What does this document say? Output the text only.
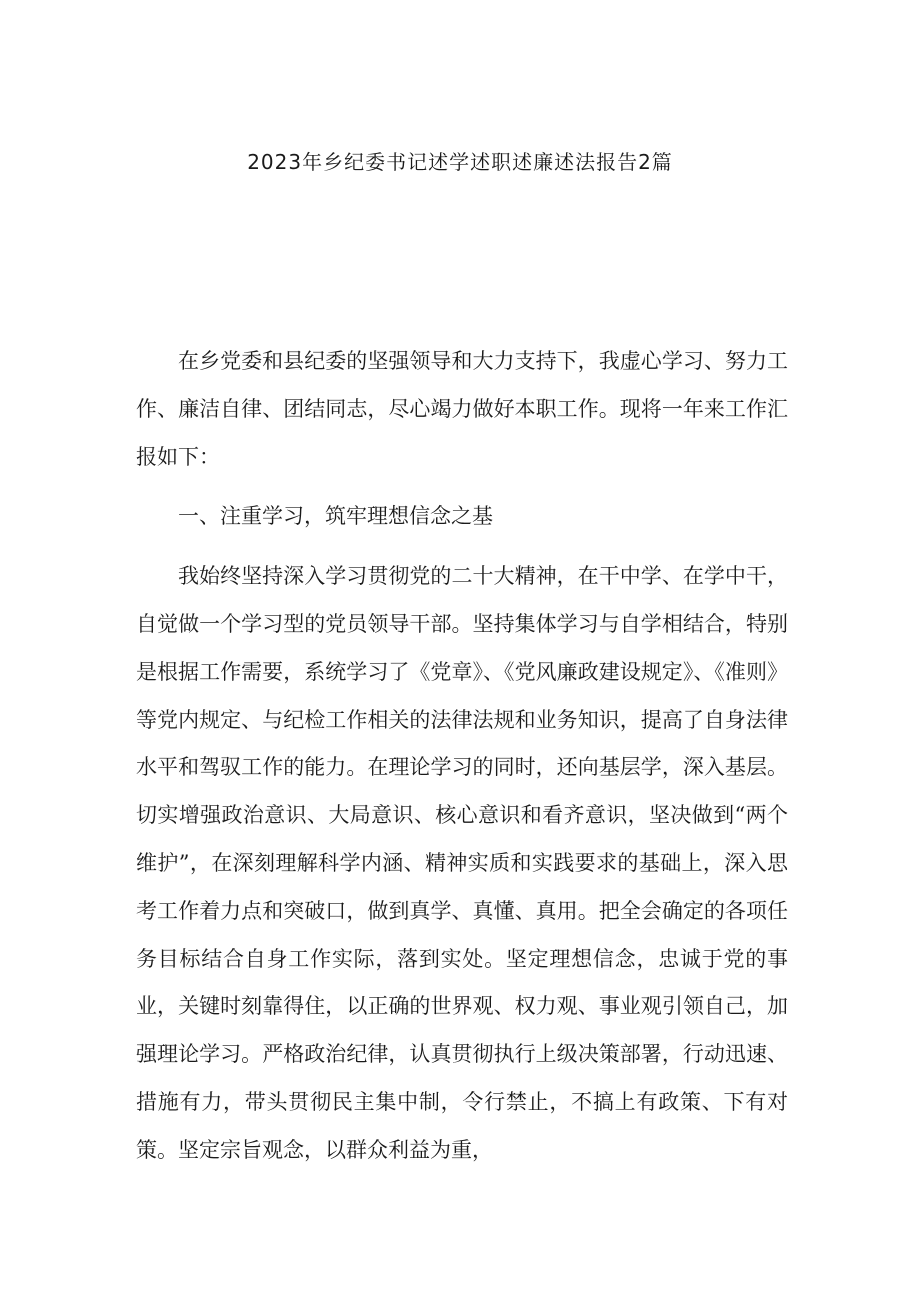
2023年乡纪委书记述学述职述廉述法报告2篇

在乡党委和县纪委的坚强领导和大力支持下，我虚心学习、努力工作、廉洁自律、团结同志，尽心竭力做好本职工作。现将一年来工作汇报如下：

一、注重学习，筑牢理想信念之基

我始终坚持深入学习贯彻党的二十大精神，在干中学、在学中干，自觉做一个学习型的党员领导干部。坚持集体学习与自学相结合，特别是根据工作需要，系统学习了《党章》、《党风廉政建设规定》、《准则》等党内规定、与纪检工作相关的法律法规和业务知识，提高了自身法律水平和驾驭工作的能力。在理论学习的同时，还向基层学，深入基层。切实增强政治意识、大局意识、核心意识和看齐意识，坚决做到“两个维护”，在深刻理解科学内涵、精神实质和实践要求的基础上，深入思考工作着力点和突破口，做到真学、真懂、真用。把全会确定的各项任务目标结合自身工作实际，落到实处。坚定理想信念，忠诚于党的事业，关键时刻靠得住，以正确的世界观、权力观、事业观引领自己，加强理论学习。严格政治纪律，认真贯彻执行上级决策部署，行动迅速、措施有力，带头贯彻民主集中制，令行禁止，不搞上有政策、下有对策。坚定宗旨观念，以群众利益为重，
